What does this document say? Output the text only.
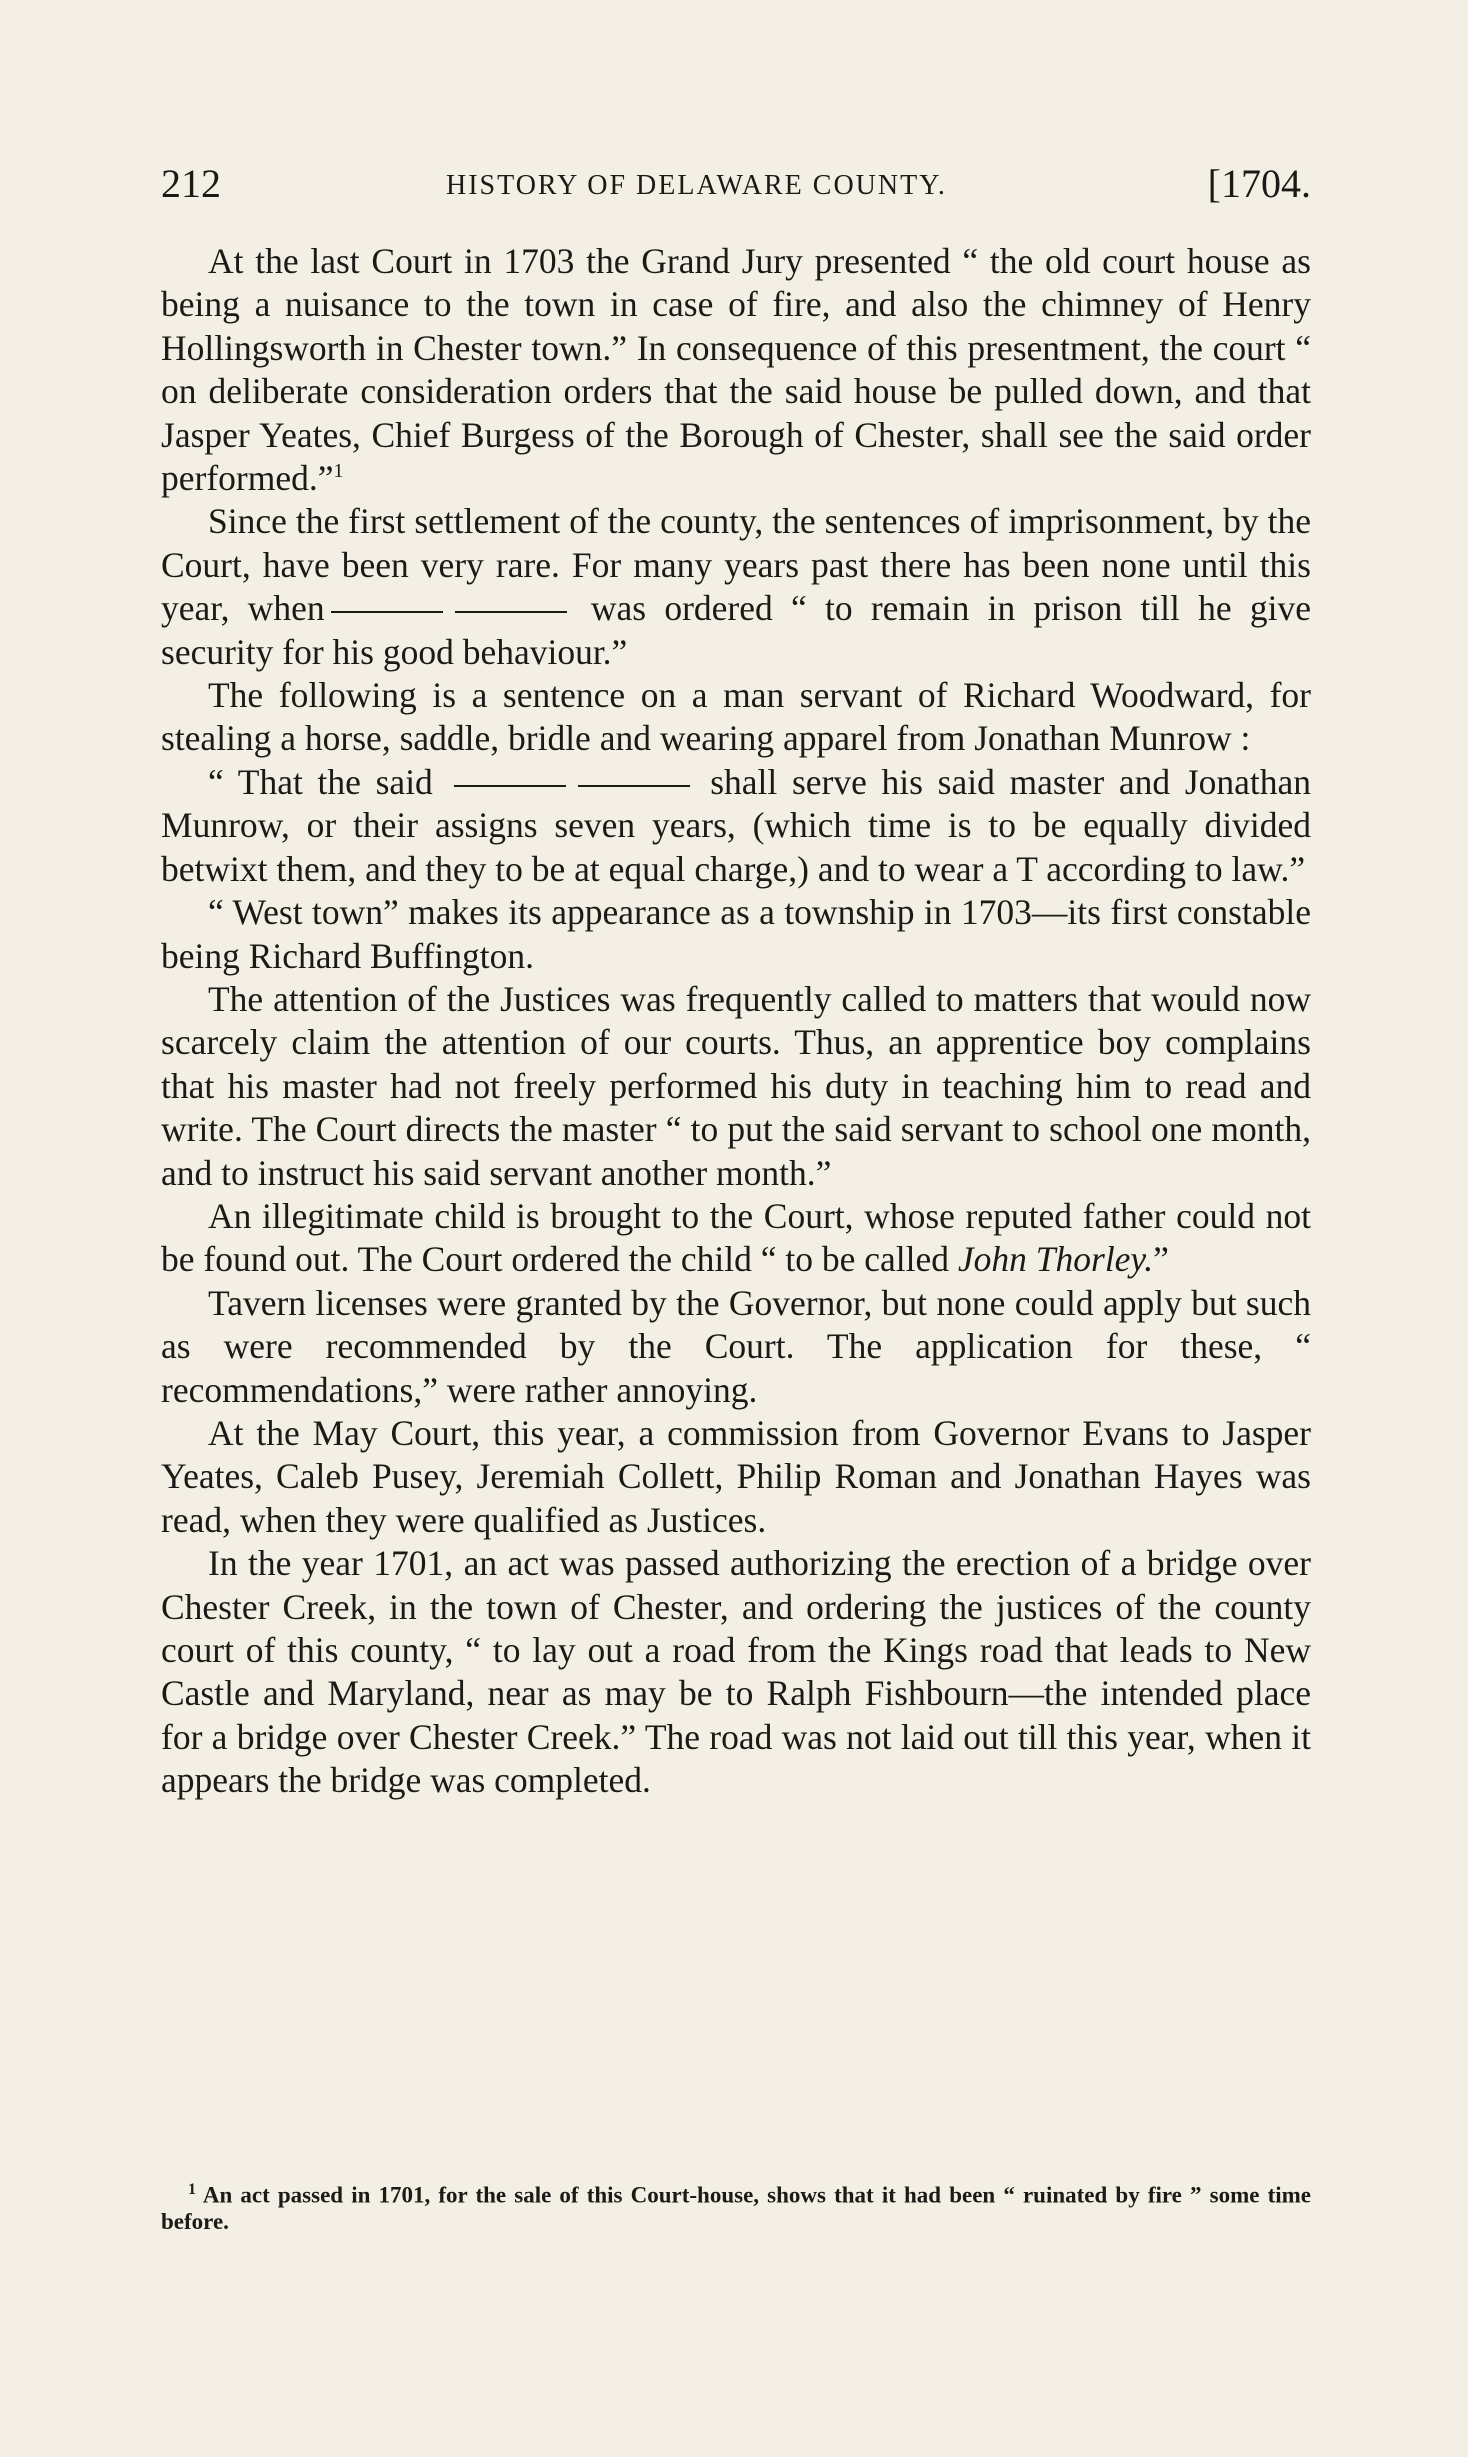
212	HISTORY OF DELAWARE COUNTY.	[1704.

At the last Court in 1703 the Grand Jury presented “ the old court house as being a nuisance to the town in case of fire, and also the chimney of Henry Hollingsworth in Chester town.” In consequence of this presentment, the court “ on deliberate consideration orders that the said house be pulled down, and that Jasper Yeates, Chief Burgess of the Borough of Chester, shall see the said order performed.”$^1$

Since the first settlement of the county, the sentences of imprisonment, by the Court, have been very rare. For many years past there has been none until this year, when	was ordered “ to remain in prison till he give security for his good behaviour.”

The following is a sentence on a man servant of Richard Woodward, for stealing a horse, saddle, bridle and wearing apparel from Jonathan Munrow :

“ That the said	shall serve his said master and Jonathan Munrow, or their assigns seven years, (which time is to be equally divided betwixt them, and they to be at equal charge,) and to wear a T according to law.”

“ West town” makes its appearance as a township in 1703—its first constable being Richard Buffington.

The attention of the Justices was frequently called to matters that would now scarcely claim the attention of our courts. Thus, an apprentice boy complains that his master had not freely performed his duty in teaching him to read and write. The Court directs the master “ to put the said servant to school one month, and to instruct his said servant another month.”

An illegitimate child is brought to the Court, whose reputed father could not be found out. The Court ordered the child “ to be called John Thorley.”

Tavern licenses were granted by the Governor, but none could apply but such as were recommended by the Court. The application for these, “ recommendations,” were rather annoying.

At the May Court, this year, a commission from Governor Evans to Jasper Yeates, Caleb Pusey, Jeremiah Collett, Philip Roman and Jonathan Hayes was read, when they were qualified as Justices.

In the year 1701, an act was passed authorizing the erection of a bridge over Chester Creek, in the town of Chester, and ordering the justices of the county court of this county, “ to lay out a road from the Kings road that leads to New Castle and Maryland, near as may be to Ralph Fishbourn—the intended place for a bridge over Chester Creek.” The road was not laid out till this year, when it appears the bridge was completed.

$^1$ An act passed in 1701, for the sale of this Court-house, shows that it had been “ ruinated by fire ” some time before.
